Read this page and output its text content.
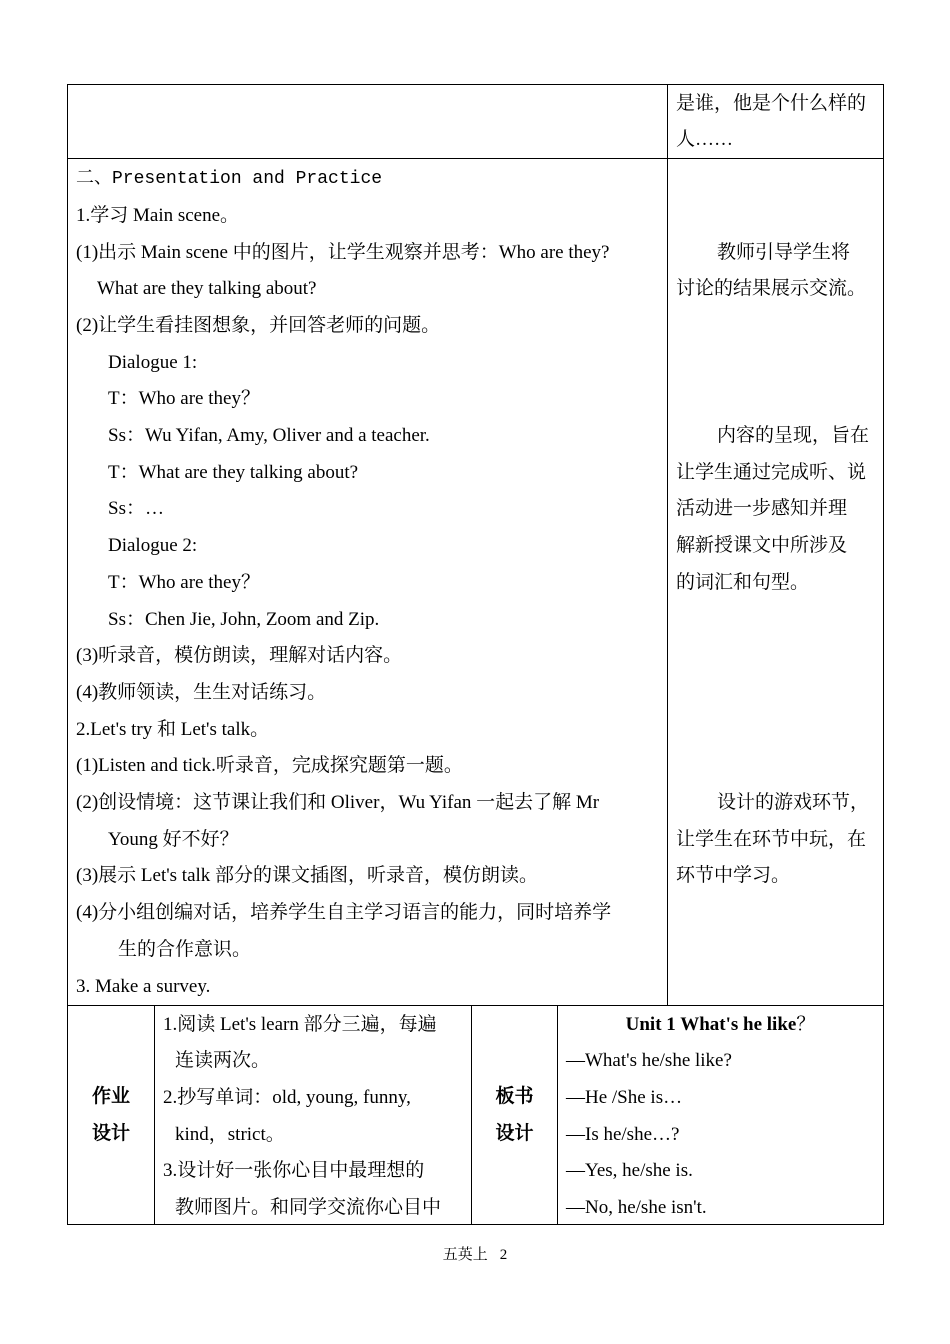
是谁，他是个什么样的
人……
二、Presentation and Practice
1.学习 Main scene。
(1)出示 Main scene 中的图片，让学生观察并思考：Who are they?
What are they talking about?
(2)让学生看挂图想象，并回答老师的问题。
Dialogue 1:
T：Who are they？
Ss：Wu Yifan, Amy, Oliver and a teacher.
T：What are they talking about?
Ss：…
Dialogue 2:
T：Who are they？
Ss：Chen Jie, John, Zoom and Zip.
(3)听录音，模仿朗读，理解对话内容。
(4)教师领读，生生对话练习。
2.Let's try 和 Let's talk。
(1)Listen and tick.听录音，完成探究题第一题。
(2)创设情境：这节课让我们和 Oliver，Wu Yifan 一起去了解 Mr
Young 好不好？
(3)展示 Let's talk 部分的课文插图，听录音，模仿朗读。
(4)分小组创编对话，培养学生自主学习语言的能力，同时培养学
生的合作意识。
3. Make a survey.
教师引导学生将
讨论的结果展示交流。
内容的呈现，旨在
让学生通过完成听、说
活动进一步感知并理
解新授课文中所涉及
的词汇和句型。
设计的游戏环节，
让学生在环节中玩，在
环节中学习。
作业
设计
1.阅读 Let's learn 部分三遍，每遍
连读两次。
2.抄写单词：old, young, funny,
kind，strict。
3.设计好一张你心目中最理想的
教师图片。和同学交流你心目中
板书
设计
Unit 1 What's he like？
—What's he/she like?
—He /She is…
—Is he/she…?
—Yes, he/she is.
—No, he/she isn't.
五英上 2
